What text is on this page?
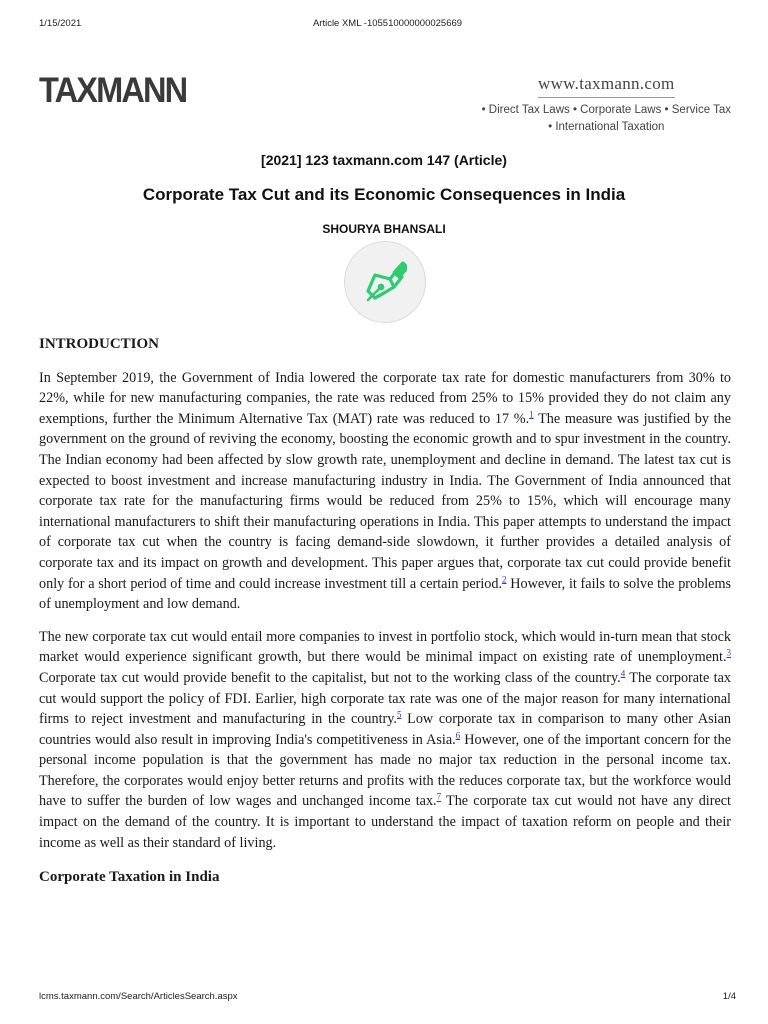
1/15/2021	Article XML -105510000000025669
TAXMANN	www.taxmann.com
• Direct Tax Laws • Corporate Laws • Service Tax
• International Taxation
[2021] 123 taxmann.com 147 (Article)
Corporate Tax Cut and its Economic Consequences in India
SHOURYA BHANSALI
INTRODUCTION

In September 2019, the Government of India lowered the corporate tax rate for domestic manufacturers from 30% to 22%, while for new manufacturing companies, the rate was reduced from 25% to 15% provided they do not claim any exemptions, further the Minimum Alternative Tax (MAT) rate was reduced to 17 %.$^1$ The measure was justified by the government on the ground of reviving the economy, boosting the economic growth and to spur investment in the country. The Indian economy had been affected by slow growth rate, unemployment and decline in demand. The latest tax cut is expected to boost investment and increase manufacturing industry in India. The Government of India announced that corporate tax rate for the manufacturing firms would be reduced from 25% to 15%, which will encourage many international manufacturers to shift their manufacturing operations in India. This paper attempts to understand the impact of corporate tax cut when the country is facing demand-side slowdown, it further provides a detailed analysis of corporate tax and its impact on growth and development. This paper argues that, corporate tax cut could provide benefit only for a short period of time and could increase investment till a certain period.$^2$ However, it fails to solve the problems of unemployment and low demand.

The new corporate tax cut would entail more companies to invest in portfolio stock, which would in-turn mean that stock market would experience significant growth, but there would be minimal impact on existing rate of unemployment.$^3$ Corporate tax cut would provide benefit to the capitalist, but not to the working class of the country.$^4$ The corporate tax cut would support the policy of FDI. Earlier, high corporate tax rate was one of the major reason for many international firms to reject investment and manufacturing in the country.$^5$ Low corporate tax in comparison to many other Asian countries would also result in improving India's competitiveness in Asia.$^6$ However, one of the important concern for the personal income population is that the government has made no major tax reduction in the personal income tax. Therefore, the corporates would enjoy better returns and profits with the reduces corporate tax, but the workforce would have to suffer the burden of low wages and unchanged income tax.$^7$ The corporate tax cut would not have any direct impact on the demand of the country. It is important to understand the impact of taxation reform on people and their income as well as their standard of living.

Corporate Taxation in India
lcms.taxmann.com/Search/ArticlesSearch.aspx	1/4
